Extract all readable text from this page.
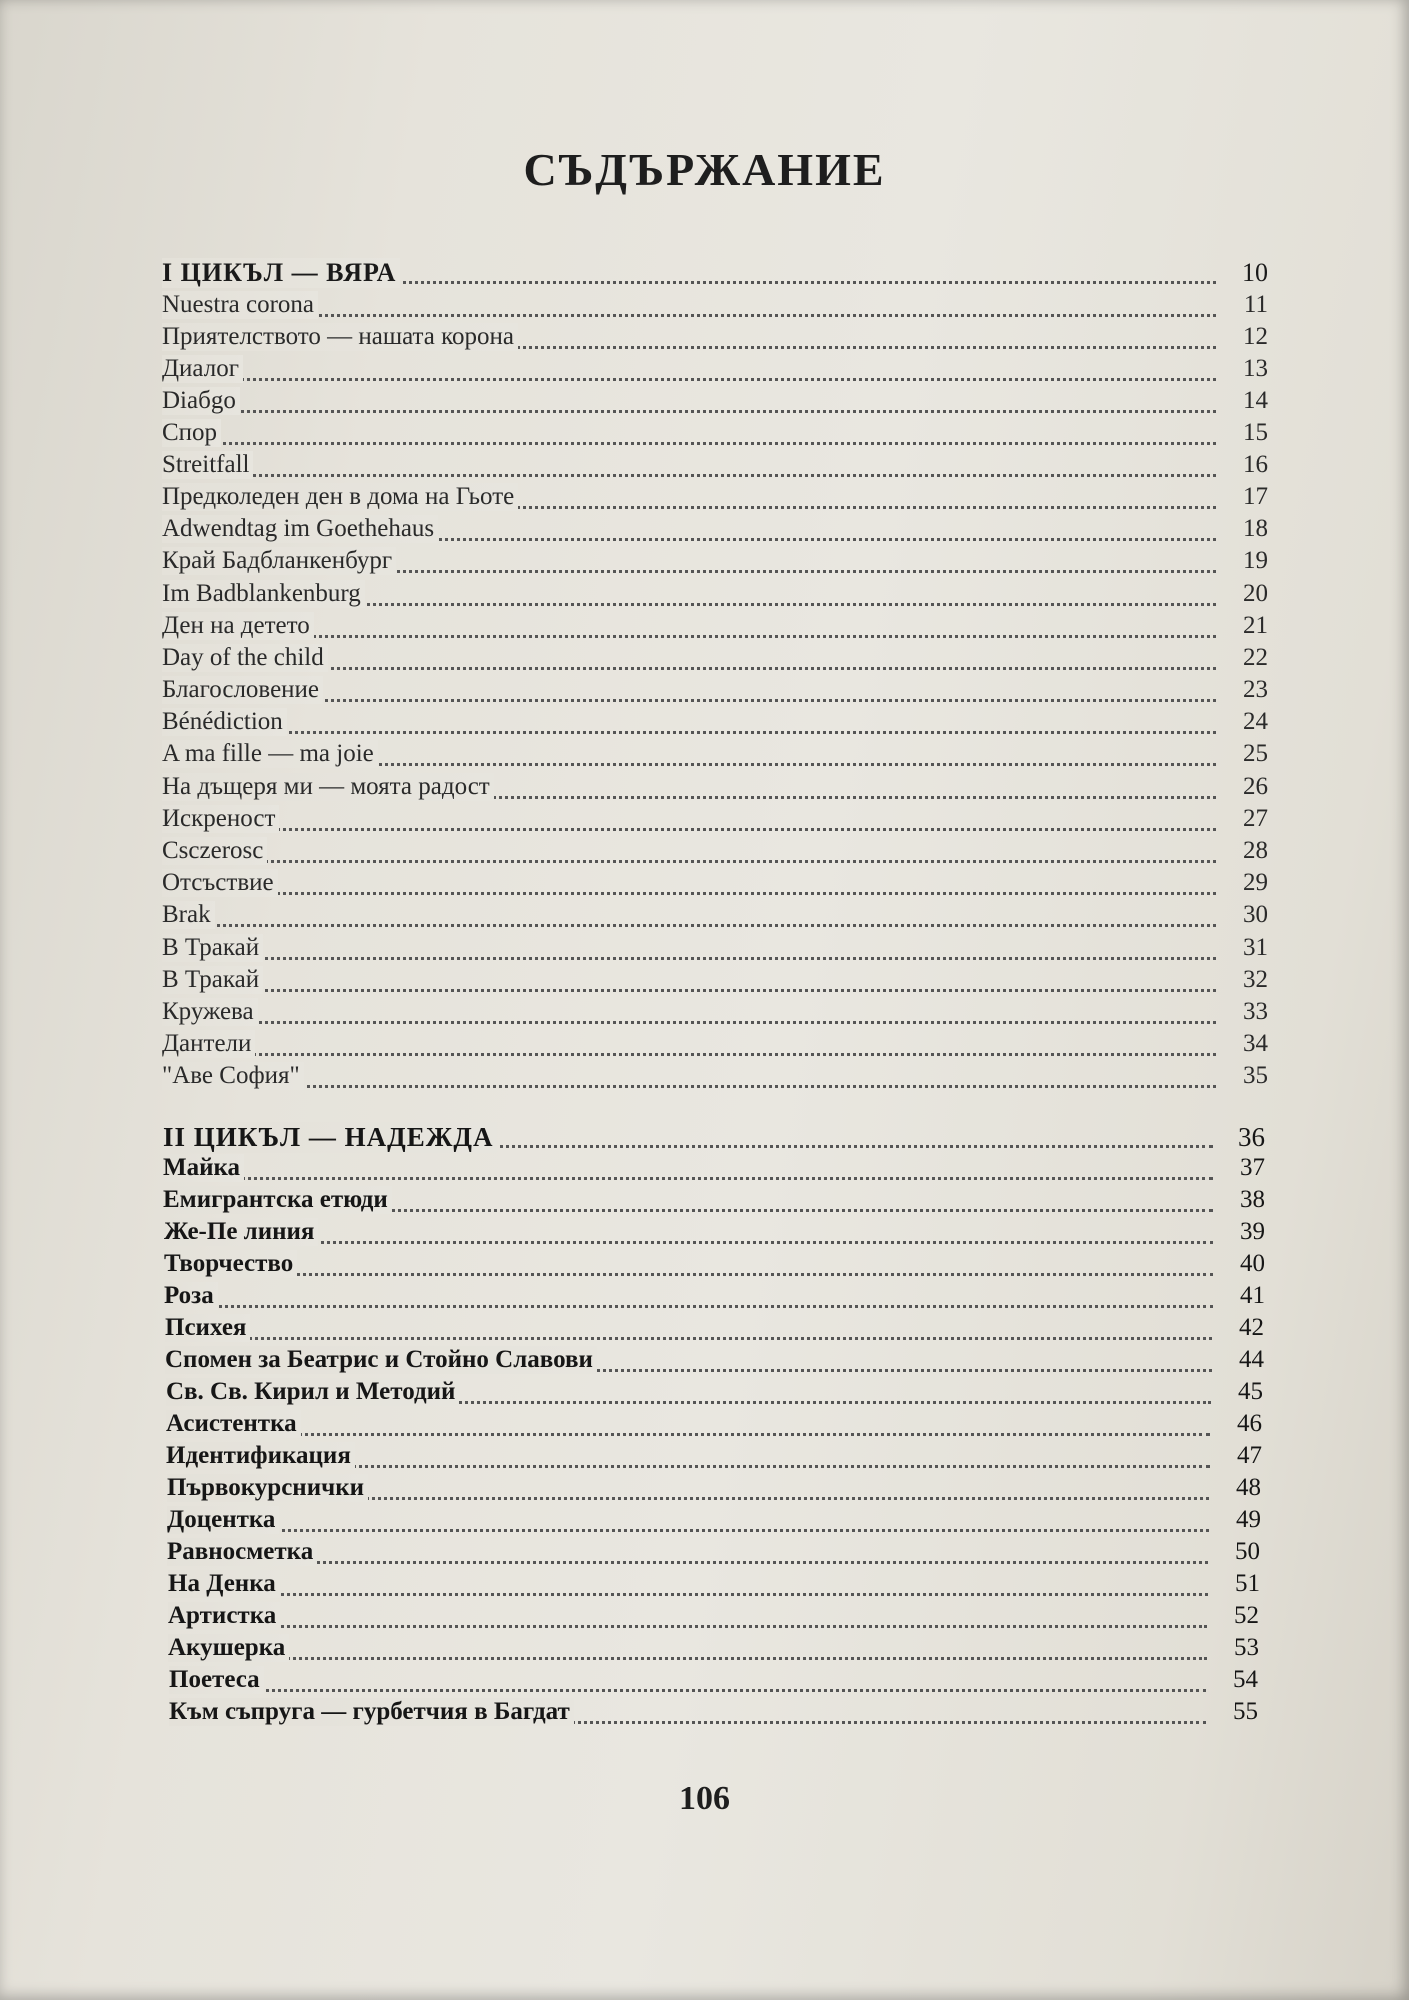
СЪДЪРЖАНИЕ
I ЦИКЪЛ — ВЯРА	10
Nuestra corona	11
Приятелството — нашата корона	12
Диалог	13
Diaбgo	14
Спор	15
Streitfall	16
Предколеден ден в дома на Гьоте	17
Adwendtag im Goethehaus	18
Край Бадбланкенбург	19
Im Badblankenburg	20
Ден на детето	21
Day of the child	22
Благословение	23
Bénédiction	24
A ma fille — ma joie	25
На дъщеря ми — моята радост	26
Искреност	27
Csczerosc	28
Отсъствие	29
Brak	30
В Тракай	31
В Тракай	32
Кружева	33
Дантели	34
"Аве София"	35
II ЦИКЪЛ — НАДЕЖДА	36
Майка	37
Емигрантска етюди	38
Же-Пе линия	39
Творчество	40
Роза	41
Психея	42
Спомен за Беатрис и Стойно Славови	44
Св. Св. Кирил и Методий	45
Асистентка	46
Идентификация	47
Първокурснички	48
Доцентка	49
Равносметка	50
На Денка	51
Артистка	52
Акушерка	53
Поетеса	54
Към съпруга — гурбетчия в Багдат	55
106
